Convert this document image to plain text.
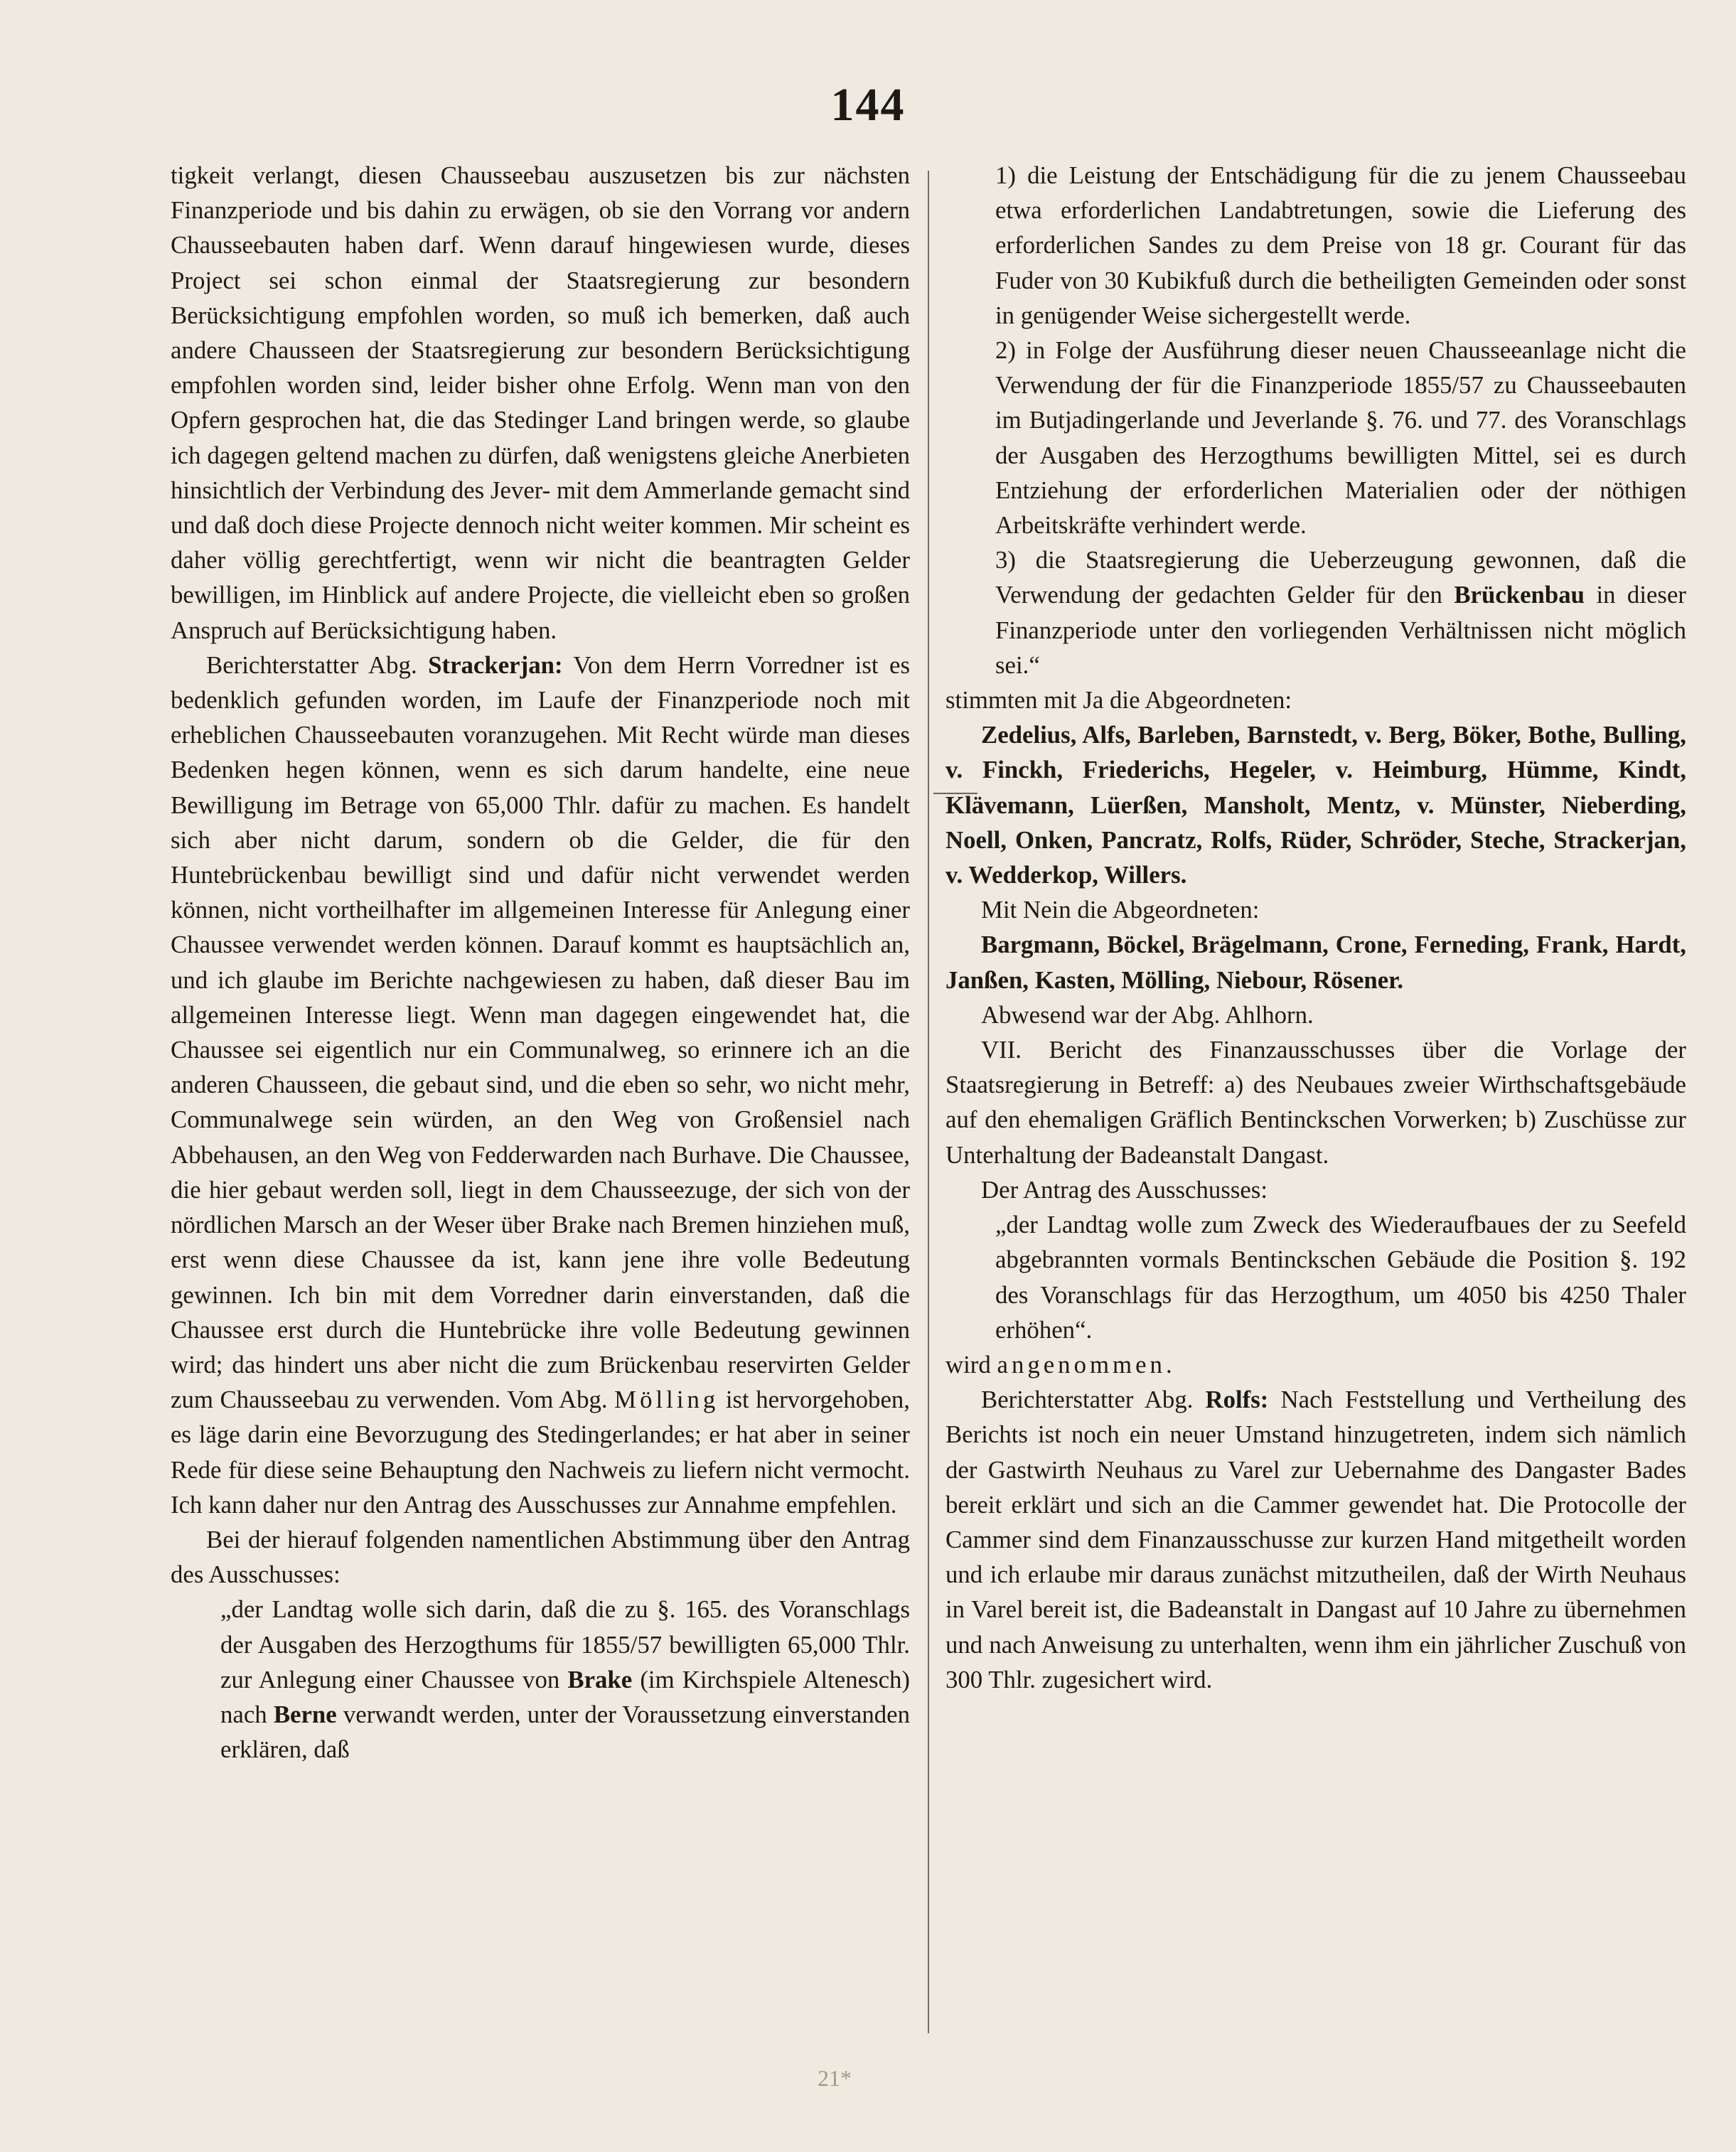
144

tigkeit verlangt, diesen Chausseebau auszusetzen bis zur nächsten Finanzperiode und bis dahin zu erwägen, ob sie den Vorrang vor andern Chausseebauten haben darf. Wenn darauf hingewiesen wurde, dieses Project sei schon einmal der Staatsregierung zur besondern Berücksichtigung empfohlen worden, so muß ich bemerken, daß auch andere Chausseen der Staatsregierung zur besondern Berücksichtigung empfohlen worden sind, leider bisher ohne Erfolg. Wenn man von den Opfern gesprochen hat, die das Stedinger Land bringen werde, so glaube ich dagegen geltend machen zu dürfen, daß wenigstens gleiche Anerbieten hinsichtlich der Verbindung des Jever- mit dem Ammerlande gemacht sind und daß doch diese Projecte dennoch nicht weiter kommen. Mir scheint es daher völlig gerechtfertigt, wenn wir nicht die beantragten Gelder bewilligen, im Hinblick auf andere Projecte, die vielleicht eben so großen Anspruch auf Berücksichtigung haben.

Berichterstatter Abg. Strackerjan: Von dem Herrn Vorredner ist es bedenklich gefunden worden, im Laufe der Finanzperiode noch mit erheblichen Chausseebauten voranzugehen. Mit Recht würde man dieses Bedenken hegen können, wenn es sich darum handelte, eine neue Bewilligung im Betrage von 65,000 Thlr. dafür zu machen. Es handelt sich aber nicht darum, sondern ob die Gelder, die für den Huntebrückenbau bewilligt sind und dafür nicht verwendet werden können, nicht vortheilhafter im allgemeinen Interesse für Anlegung einer Chaussee verwendet werden können. Darauf kommt es hauptsächlich an, und ich glaube im Berichte nachgewiesen zu haben, daß dieser Bau im allgemeinen Interesse liegt. Wenn man dagegen eingewendet hat, die Chaussee sei eigentlich nur ein Communalweg, so erinnere ich an die anderen Chausseen, die gebaut sind, und die eben so sehr, wo nicht mehr, Communalwege sein würden, an den Weg von Großensiel nach Abbehausen, an den Weg von Fedderwarden nach Burhave. Die Chaussee, die hier gebaut werden soll, liegt in dem Chausseezuge, der sich von der nördlichen Marsch an der Weser über Brake nach Bremen hinziehen muß, erst wenn diese Chaussee da ist, kann jene ihre volle Bedeutung gewinnen. Ich bin mit dem Vorredner darin einverstanden, daß die Chaussee erst durch die Huntebrücke ihre volle Bedeutung gewinnen wird; das hindert uns aber nicht die zum Brückenbau reservirten Gelder zum Chausseebau zu verwenden. Vom Abg. Mölling ist hervorgehoben, es läge darin eine Bevorzugung des Stedingerlandes; er hat aber in seiner Rede für diese seine Behauptung den Nachweis zu liefern nicht vermocht. Ich kann daher nur den Antrag des Ausschusses zur Annahme empfehlen.

Bei der hierauf folgenden namentlichen Abstimmung über den Antrag des Ausschusses:

„der Landtag wolle sich darin, daß die zu §. 165. des Voranschlags der Ausgaben des Herzogthums für 1855/57 bewilligten 65,000 Thlr. zur Anlegung einer Chaussee von Brake (im Kirchspiele Altenesch) nach Berne verwandt werden, unter der Voraussetzung einverstanden erklären, daß

1) die Leistung der Entschädigung für die zu jenem Chausseebau etwa erforderlichen Landabtretungen, sowie die Lieferung des erforderlichen Sandes zu dem Preise von 18 gr. Courant für das Fuder von 30 Kubikfuß durch die betheiligten Gemeinden oder sonst in genügender Weise sichergestellt werde.

2) in Folge der Ausführung dieser neuen Chausseeanlage nicht die Verwendung der für die Finanzperiode 1855/57 zu Chausseebauten im Butjadingerlande und Jeverlande §. 76. und 77. des Voranschlags der Ausgaben des Herzogthums bewilligten Mittel, sei es durch Entziehung der erforderlichen Materialien oder der nöthigen Arbeitskräfte verhindert werde.

3) die Staatsregierung die Ueberzeugung gewonnen, daß die Verwendung der gedachten Gelder für den Brückenbau in dieser Finanzperiode unter den vorliegenden Verhältnissen nicht möglich sei.“

stimmten mit Ja die Abgeordneten:

Zedelius, Alfs, Barleben, Barnstedt, v. Berg, Böker, Bothe, Bulling, v. Finckh, Friederichs, Hegeler, v. Heimburg, Hümme, Kindt, Klävemann, Lüerßen, Mansholt, Mentz, v. Münster, Nieberding, Noell, Onken, Pancratz, Rolfs, Rüder, Schröder, Steche, Strackerjan, v. Wedderkop, Willers.

Mit Nein die Abgeordneten:

Bargmann, Böckel, Brägelmann, Crone, Ferneding, Frank, Hardt, Janßen, Kasten, Mölling, Niebour, Rösener.

Abwesend war der Abg. Ahlhorn.

VII. Bericht des Finanzausschusses über die Vorlage der Staatsregierung in Betreff: a) des Neubaues zweier Wirthschaftsgebäude auf den ehemaligen Gräflich Bentinckschen Vorwerken; b) Zuschüsse zur Unterhaltung der Badeanstalt Dangast.

Der Antrag des Ausschusses:

„der Landtag wolle zum Zweck des Wiederaufbaues der zu Seefeld abgebrannten vormals Bentinckschen Gebäude die Position §. 192 des Voranschlags für das Herzogthum, um 4050 bis 4250 Thaler erhöhen“.

wird angenommen.

Berichterstatter Abg. Rolfs: Nach Feststellung und Vertheilung des Berichts ist noch ein neuer Umstand hinzugetreten, indem sich nämlich der Gastwirth Neuhaus zu Varel zur Uebernahme des Dangaster Bades bereit erklärt und sich an die Cammer gewendet hat. Die Protocolle der Cammer sind dem Finanzausschusse zur kurzen Hand mitgetheilt worden und ich erlaube mir daraus zunächst mitzutheilen, daß der Wirth Neuhaus in Varel bereit ist, die Badeanstalt in Dangast auf 10 Jahre zu übernehmen und nach Anweisung zu unterhalten, wenn ihm ein jährlicher Zuschuß von 300 Thlr. zugesichert wird.

21*
